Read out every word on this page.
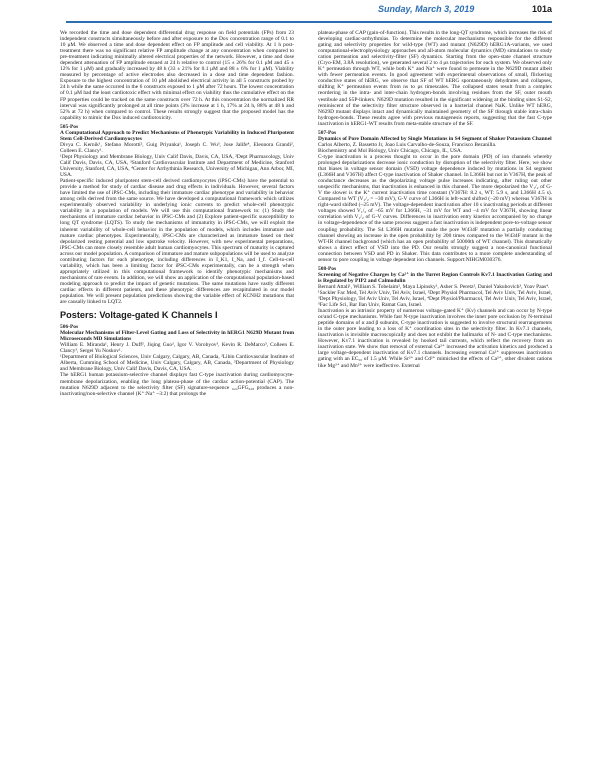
Sunday, March 3, 2019	101a

We recorded the time and dose dependent differential drug response on field potentials (FPs) from 23 independent constructs simultaneously before and after exposure to the Dox concentration range of 0.1 to 10 μM. We observed a time and dose dependent effect on FP amplitude and cell viability. At 1 h post-treatment there was no significant relative FP amplitude change at any concentration when compared to pre-treatment indicating minimally altered electrical properties of the network. However, a time and dose dependent attenuation of FP amplitude ensued at 24 h relative to control (15 ± 26% for 0.1 μM and 45 ± 12% for 1 μM) and gradually increased by 48 h (33 ± 21% for 0.1 μM and 88 ± 6% for 1 μM). Viability measured by percentage of active electrodes also decreased in a dose and time dependent fashion. Exposure to the highest concentration of 10 μM abolished electrical activity in all 5 constructs probed by 24 h while the same occurred in the 6 constructs exposed to 1 μM after 72 hours. The lowest concentration of 0.1 μM had the least cardiotoxic effect with minimal effect on viability thus the cumulative effect on the FP properties could be tracked on the same constructs over 72 h. At this concentration the normalized RR interval was significantly prolonged at all time points (3% increase at 1 h, 17% at 24 h, 88% at 48 h and 52% at 72 h) when compared to control. These results strongly suggest that the proposed model has the capability to mimic the Dox induced cardiotoxicity.

505-Pos
A Computational Approach to Predict Mechanisms of Phenotypic Variability in Induced Pluripotent Stem Cell-Derived Cardiomyocytes
Divya C. Kernik¹, Stefano Morotti², Guig Priyanka¹, Joseph C. Wu³, Jose Jalife⁴, Eleonora Grandi², Colleen E. Clancy¹.
¹Dept Physiology and Membrane Biology, Univ Calif Davis, Davis, CA, USA, ²Dept Pharmacology, Univ Calif Davis, Davis, CA, USA, ³Stanford Cardiovascular Institute and Department of Medicine, Stanford University, Stanford, CA, USA, ⁴Center for Arrhythmia Research, University of Michigan, Ann Arbor, MI, USA.
Patient-specific induced pluripotent stem-cell derived cardiomyocytes (iPSC-CMs) have the potential to provide a method for study of cardiac disease and drug effects in individuals. However, several factors have limited the use of iPSC-CMs, including their immature cardiac phenotype and variability in behavior among cells derived from the same source. We have developed a computational framework which utilizes experimentally observed variability in underlying ionic currents to predict whole-cell phenotypic variability in a population of models. We will use this computational framework to: (1) Study the mechanisms of immature cardiac behavior in iPSC-CMs and (2) Explore patient-specific susceptibility to long QT syndrome (LQTS). To study the mechanisms of immaturity in iPSC-CMs, we will exploit the inherent variability of whole-cell behavior in the population of models, which includes immature and mature cardiac phenotypes. Experimentally, iPSC-CMs are characterized as immature based on their depolarized resting potential and low upstroke velocity. However, with new experimental preparations, iPSC-CMs can more closely resemble adult human cardiomyocytes. This spectrum of maturity is captured across our model population. A comparison of immature and mature subpopulations will be used to analyze contributing factors for each phenotype, including differences in I_K1, I_Na, and I_f. Cell-to-cell variability, which has been a limiting factor for iPSC-CMs experimentally, can be a strength when appropriately utilized in this computational framework to identify phenotypic mechanisms and mechanisms of rare events. In addition, we will show an application of the computational population-based modeling approach to predict the impact of genetic mutations. The same mutations have vastly different cardiac effects in different patients, and these phenotypic differences are recapitulated in our model population. We will present population predictions showing the variable effect of KCNH2 mutations that are causally linked to LQT2.
Posters: Voltage-gated K Channels I
506-Pos
Molecular Mechanisms of Filter-Level Gating and Loss of Selectivity in hERG1 N629D Mutant from Microseconds MD Simulations
William E. Miranda¹, Henry J. Duff², Jiqing Guo², Igor V. Vorobyov³, Kevin R. DeMarco³, Colleen E. Clancy³, Sergei Yu Noskov¹.
¹Department of Biological Sciences, Univ Calgary, Calgary, AB, Canada, ²Libin Cardiovascular Institute of Alberta, Cumming School of Medicine, Univ Calgary, Calgary, AB, Canada, ³Department of Physiology and Membrane Biology, Univ Calif Davis, Davis, CA, USA.
The hERG1 human potassium-selective channel displays fast C-type inactivation during cardiomyocyte-membrane depolarization, enabling the long plateau-phase of the cardiac action-potential (CAP). The mutation N629D adjacent to the selectivity filter (SF) signature-sequence ₆₂₄GFG₆₂₈ produces a non-inactivating/non-selective channel (K⁺:Na⁺ ~3:2) that prolongs the

plateau-phase of CAP (gain-of-function). This results in the long-QT syndrome, which increases the risk of developing cardiac-arrhythmias. To determine the molecular mechanisms responsible for the different gating and selectivity properties for wild-type (WT) and mutant (N629D) hERG1A-variants, we used computational-electrophysiology approaches and all-atom molecular dynamics (MD) simulations to study cation permeation and selectivity-filter (SF) dynamics. Starting from the open-state channel structure (Cryo-EM, 3.8Å resolution), we generated several 2 to 4 μs trajectories for each system. We observed only K⁺ permeation through WT, while both K⁺ and Na⁺ were found to permeate in the N629D mutant albeit with fewer permeation events. In good agreement with experimental observations of small, flickering conductive states of hERG, we observe that SF of WT hERG spontaneously dehydrates and collapses, shifting K⁺ permeation events from ns to μs timescales. The collapsed states result from a complex reordering in the intra- and inter-chain hydrogen-bonds involving residues from the SF, outer mouth vestibule and S5P-linkers. N629D mutation resulted in the significant widening at the binding sites S1-S2, reminiscent of the selectivity filter structure observed in a bacterial channel NaK. Unlike WT hERG, N629D mutant displays intact and dynamically maintained geometry of the SF through stable intra-chain hydrogen-bonds. These results agree with previous mutagenesis reports, suggesting that the fast C-type inactivation in hERG1-WT results from meta-stable structure of the SF.

507-Pos
Dynamics of Pore Domain Affected by Single Mutations in S4 Segment of Shaker Potassium Channel
Carlos Alberto, Z. Bassetto Jr, Joao Luis Carvalho-de-Souza, Francisco Bezanilla.
Biochemistry and Mol Biology, Univ Chicago, Chicago, IL, USA.
C-type inactivation is a process thought to occur in the pore domain (PD) of ion channels whereby prolonged depolarizations decrease ionic conduction by disruption of the selectivity filter. Here, we show that biases in voltage sensor domain (VSD) voltage dependence induced by mutations in S4 segment (L366H and V367H) affect C-type inactivation of Shaker channel. In L366H but not in V367H, the peak of conductance decreases as the depolarizing voltage pulse increases indicating, after ruling out other unspecific mechanisms, that inactivation is enhanced in this channel. The more depolarized the V₁/₂ of G-V the slower is the K⁺ current inactivation time constant (V367H: 8.2 s, WT: 5.9 s, and L366H 4.5 s). Compared to WT (V₁/₂ = −30 mV), G-V curve of L366H is left-ward shifted (−20 mV) whereas V367H is right-ward shifted (~25 mV). The voltage-dependent inactivation after 10 s inactivating periods at different voltages showed V₁/₂ of −65 mV for L366H, −31 mV for WT and −4 mV for V367H, showing linear correlation with V₁/₂ of G-V curves. Differences in inactivation entry kinetics accompanied by no change in voltage-dependence of the same process suggest a fast inactivation is independent pore-to-voltage sensor coupling probability. The S4 L366H mutation made the pore W434F mutation a partially conducting channel showing an increase in the open probability by 200 times compared to the W434F mutant in the WT-IR channel background (which has an open probability of 50000th of WT channel). This dramatically shows a direct effect of VSD into the PD. Our results strongly suggest a non-canonical functional connection between VSD and PD in Shaker. This data contributes to a more complete understanding of sensor to pore coupling in voltage dependent ion channels. Support:NIHGM030376.
508-Pos
Screening of Negative Charges by Ca²⁺ in the Turret Region Controls Kv7.1 Inactivation Gating and is Regulated by PIP2 and Calmodulin
Bernard Attali¹, William S. Tobelaim², Maya Lipinsky¹, Asher S. Peretz², Daniel Yakubovich³, Yoav Paas⁴.
¹Sackler Fac Med, Tel Aviv Univ, Tel Aviv, Israel, ²Dept Physiol Pharmacol, Tel Aviv Univ, Tel Aviv, Israel, ³Dept Physiology, Tel Aviv Univ, Tel Aviv, Israel, ⁴Dept Physiol/Pharmacol, Tel Aviv Univ, Tel Aviv, Israel, ⁵Fac Life Sci, Bar Ilan Univ, Ramat Gan, Israel.
Inactivation is an intrinsic property of numerous voltage-gated K⁺ (Kv) channels and can occur by N-type or/and C-type mechanisms. While fast N-type inactivation involves the inner pore occlusion by N-terminal peptide domains of α and β subunits, C-type inactivation is suggested to involve structural rearrangements in the outer pore leading to a loss of K⁺ coordination sites in the selectivity filter. In Kv7.1 channels, inactivation is invisible macroscopically and does not exhibit the hallmarks of N- and C-type mechanisms. However, Kv7.1 inactivation is revealed by hooked tail currents, which reflect the recovery from an inactivation state. We show that removal of external Ca²⁺ increased the activation kinetics and produced a large voltage-dependent inactivation of Kv7.1 channels. Increasing external Ca²⁺ suppresses inactivation gating with an EC₅₀ of 1.5 μM. While Sr²⁺ and Cd²⁺ mimicked the effects of Ca²⁺, other divalent cations like Mg²⁺ and Mn²⁺ were ineffective. External
